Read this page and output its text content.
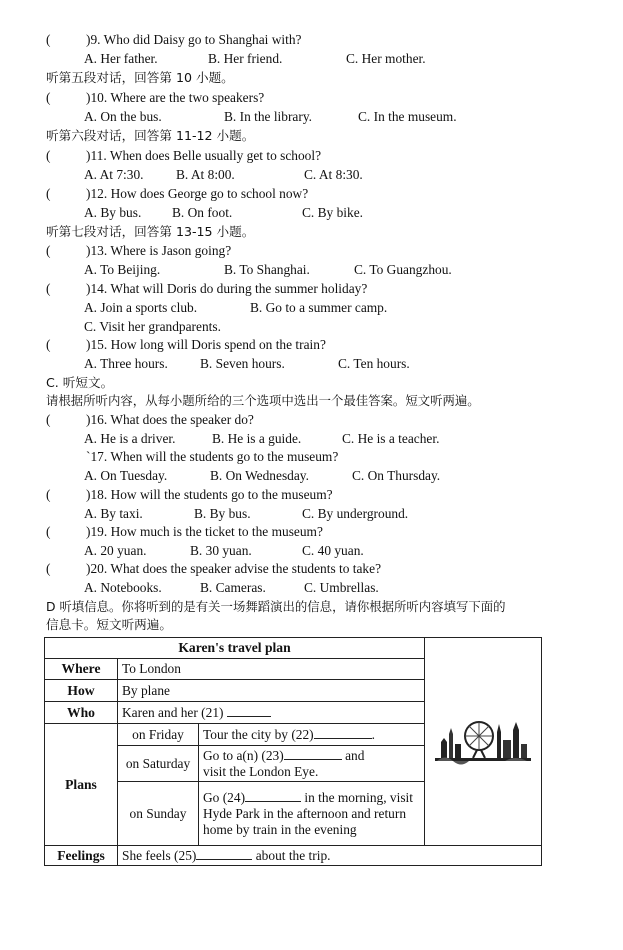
(	)9. Who did Daisy go to Shanghai with?
A. Her father.	B. Her friend.	C. Her mother.
听第五段对话，回答第 10 小题。
(	)10. Where are the two speakers?
A. On the bus.	B. In the library.	C. In the museum.
听第六段对话，回答第 11-12 小题。
(	)11. When does Belle usually get to school?
A. At 7:30. B. At 8:00.	C. At 8:30.
(	)12. How does George go to school now?
A. By bus. B. On foot.	C. By bike.
听第七段对话，回答第 13-15 小题。
(	)13. Where is Jason going?
A. To Beijing.	B. To Shanghai.	C. To Guangzhou.
(	)14. What will Doris do during the summer holiday?
A. Join a sports club.	B. Go to a summer camp.
C. Visit her grandparents.
(	)15. How long will Doris spend on the train?
A. Three hours. B. Seven hours.	C. Ten hours.
C. 听短文。
请根据所听内容，从每小题所给的三个选项中选出一个最佳答案。短文听两遍。
(	)16. What does the speaker do?
A. He is a driver.	B. He is a guide.	C. He is a teacher.
`17. When will the students go to the museum?
A. On Tuesday.	B. On Wednesday.	C. On Thursday.
(	)18. How will the students go to the museum?
A. By taxi.	B. By bus.	C. By underground.
(	)19. How much is the ticket to the museum?
A. 20 yuan.	B. 30 yuan.	C. 40 yuan.
(	)20. What does the speaker advise the students to take?
A. Notebooks.	B. Cameras.	C. Umbrellas.
D 听填信息。你将听到的是有关一场舞蹈演出的信息，请你根据所听内容填写下面的
信息卡。短文听两遍。
Karen's travel plan	
Where	To London		
How	By plane		
Who	Karen and her (21)		
Plans	on Friday	Tour the city by (22) .	
	on Saturday	Go to a(n) (23) and
visit the London Eye.	
	on Sunday	Go (24) in the morning, visit Hyde Park in the afternoon and return home by train in the evening	
Feelings	She feels (25) about the trip.		
